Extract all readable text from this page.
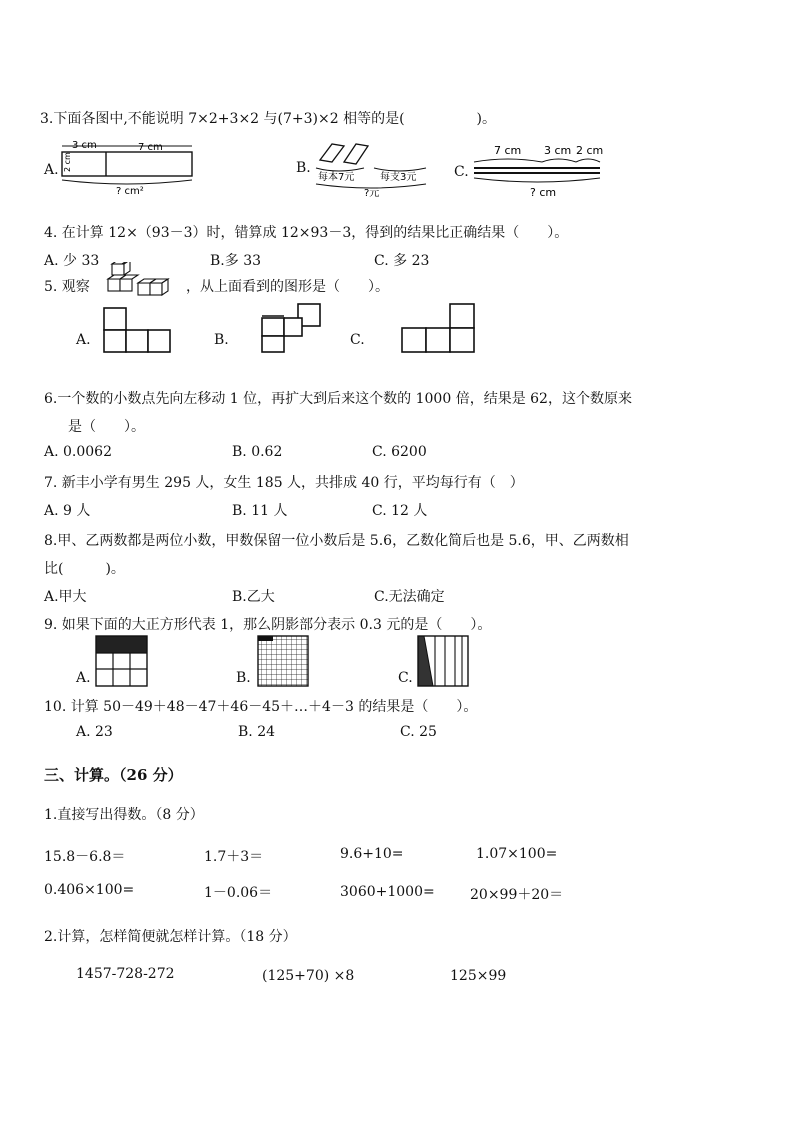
3.下面各图中,不能说明 7×2+3×2 与(7+3)×2 相等的是(	)。
A.
3 cm	7 cm
2 cm
? cm²
B.
每本7元	每支3元
?元
C.
7 cm 3 cm 2 cm
? cm
4. 在计算 12×（93－3）时，错算成 12×93－3，得到的结果比正确结果（　　）。
A. 少 33	B.多 33	C. 多 23
5. 观察	，从上面看到的图形是（　　）。
A.	B.	C.
6.一个数的小数点先向左移动 1 位，再扩大到后来这个数的 1000 倍，结果是 62，这个数原来
是（　　）。
A. 0.0062	B. 0.62	C. 6200
7. 新丰小学有男生 295 人，女生 185 人，共排成 40 行，平均每行有（　）
A. 9 人	B. 11 人	C. 12 人
8.甲、乙两数都是两位小数，甲数保留一位小数后是 5.6，乙数化简后也是 5.6，甲、乙两数相
比(　　　)。
A.甲大	B.乙大	C.无法确定
9. 如果下面的大正方形代表 1，那么阴影部分表示 0.3 元的是（　　）。
A.	B.	C.
10. 计算 50－49＋48－47＋46－45＋…＋4－3 的结果是（　　）。
A. 23	B. 24	C. 25
三、计算。（26 分）
1.直接写出得数。（8 分）
15.8－6.8＝	1.7＋3＝	9.6+10=	1.07×100=
0.406×100=	1－0.06＝	3060+1000=	20×99＋20＝
2.计算，怎样简便就怎样计算。（18 分）
1457-728-272	(125+70) ×8	125×99
